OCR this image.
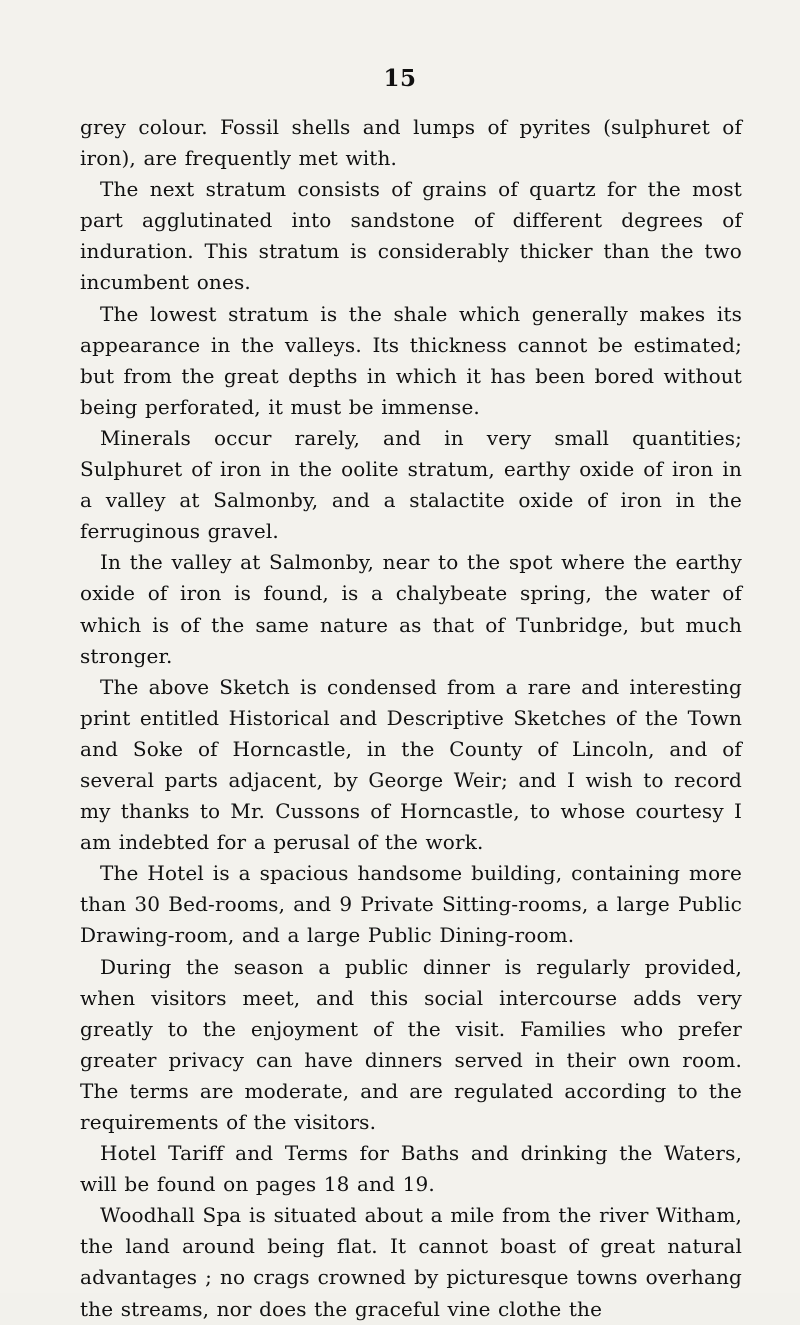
15

grey colour. Fossil shells and lumps of pyrites (sulphuret of iron), are frequently met with.

The next stratum consists of grains of quartz for the most part agglutinated into sandstone of different degrees of induration. This stratum is considerably thicker than the two incumbent ones.

The lowest stratum is the shale which generally makes its appearance in the valleys. Its thickness cannot be estimated; but from the great depths in which it has been bored without being perforated, it must be immense.

Minerals occur rarely, and in very small quantities; Sulphuret of iron in the oolite stratum, earthy oxide of iron in a valley at Salmonby, and a stalactite oxide of iron in the ferruginous gravel.

In the valley at Salmonby, near to the spot where the earthy oxide of iron is found, is a chalybeate spring, the water of which is of the same nature as that of Tunbridge, but much stronger.

The above Sketch is condensed from a rare and interesting print entitled Historical and Descriptive Sketches of the Town and Soke of Horncastle, in the County of Lincoln, and of several parts adjacent, by George Weir; and I wish to record my thanks to Mr. Cussons of Horncastle, to whose courtesy I am indebted for a perusal of the work.

The Hotel is a spacious handsome building, containing more than 30 Bed-rooms, and 9 Private Sitting-rooms, a large Public Drawing-room, and a large Public Dining-room.

During the season a public dinner is regularly provided, when visitors meet, and this social intercourse adds very greatly to the enjoyment of the visit. Families who prefer greater privacy can have dinners served in their own room. The terms are moderate, and are regulated according to the requirements of the visitors.

Hotel Tariff and Terms for Baths and drinking the Waters, will be found on pages 18 and 19.

Woodhall Spa is situated about a mile from the river Witham, the land around being flat. It cannot boast of great natural advantages ; no crags crowned by picturesque towns overhang the streams, nor does the graceful vine clothe the
